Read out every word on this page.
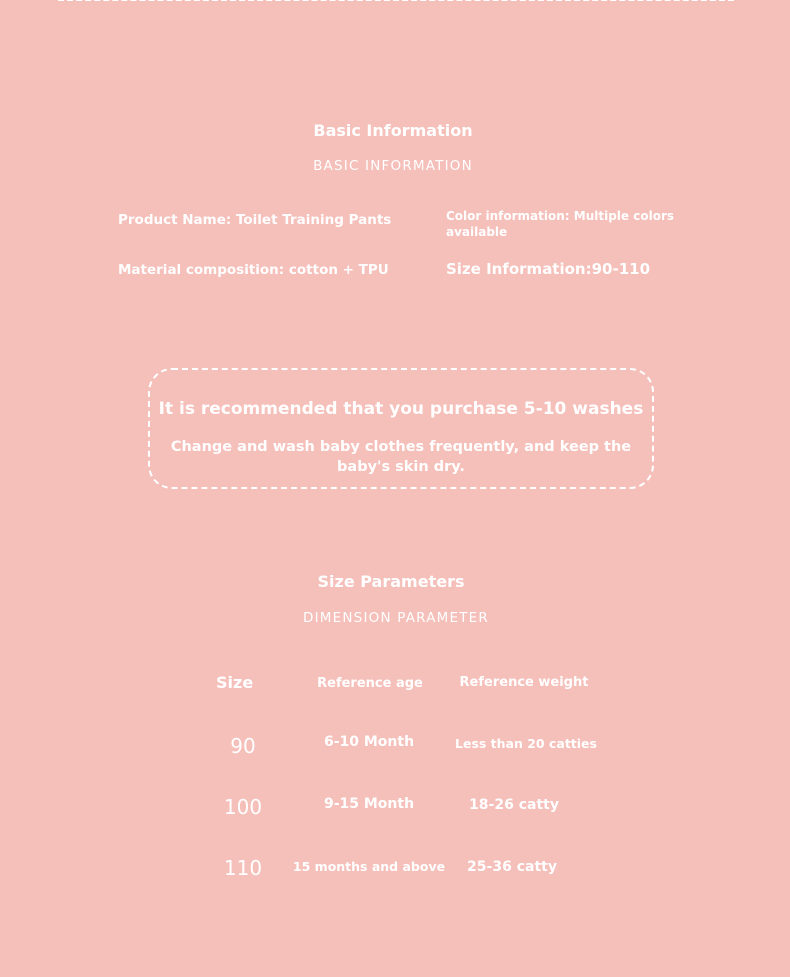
Basic Information
BASIC INFORMATION
Product Name: Toilet Training Pants	Color information: Multiple colors available
Material composition: cotton + TPU	Size Information:90-110
It is recommended that you purchase 5-10 washes
Change and wash baby clothes frequently, and keep the baby's skin dry.
Size Parameters
DIMENSION PARAMETER
Size	Reference age	Reference weight
90	6-10 Month	Less than 20 catties
100	9-15 Month	18-26 catty
110	15 months and above	25-36 catty
